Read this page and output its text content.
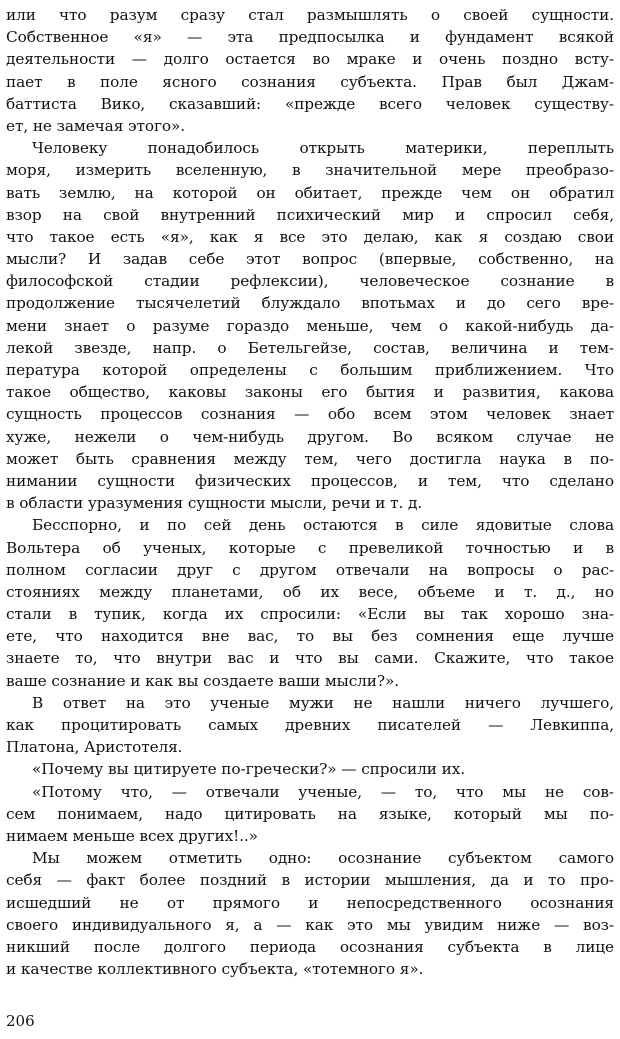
или что разум сразу стал размышлять о своей сущности.
Собственное «я» — эта предпосылка и фундамент всякой
деятельности — долго остается во мраке и очень поздно всту-
пает в поле ясного сознания субъекта. Прав был Джам-
баттиста Вико, сказавший: «прежде всего человек существу-
ет, не замечая этого».
Человеку понадобилось открыть материки, переплыть
моря, измерить вселенную, в значительной мере преобразо-
вать землю, на которой он обитает, прежде чем он обратил
взор на свой внутренний психический мир и спросил себя,
что такое есть «я», как я все это делаю, как я создаю свои
мысли? И задав себе этот вопрос (впервые, собственно, на
философской стадии рефлексии), человеческое сознание в
продолжение тысячелетий блуждало впотьмах и до сего вре-
мени знает о разуме гораздо меньше, чем о какой-нибудь да-
лекой звезде, напр. о Бетельгейзе, состав, величина и тем-
пература которой определены с большим приближением. Что
такое общество, каковы законы его бытия и развития, какова
сущность процессов сознания — обо всем этом человек знает
хуже, нежели о чем-нибудь другом. Во всяком случае не
может быть сравнения между тем, чего достигла наука в по-
нимании сущности физических процессов, и тем, что сделано
в области уразумения сущности мысли, речи и т. д.
Бесспорно, и по сей день остаются в силе ядовитые слова
Вольтера об ученых, которые с превеликой точностью и в
полном согласии друг с другом отвечали на вопросы о рас-
стояниях между планетами, об их весе, объеме и т. д., но
стали в тупик, когда их спросили: «Если вы так хорошо зна-
ете, что находится вне вас, то вы без сомнения еще лучше
знаете то, что внутри вас и что вы сами. Скажите, что такое
ваше сознание и как вы создаете ваши мысли?».
В ответ на это ученые мужи не нашли ничего лучшего,
как процитировать самых древних писателей — Левкиппа,
Платона, Аристотеля.
«Почему вы цитируете по-гречески?» — спросили их.
«Потому что, — отвечали ученые, — то, что мы не сов-
сем понимаем, надо цитировать на языке, который мы по-
нимаем меньше всех других!..»
Мы можем отметить одно: осознание субъектом самого
себя — факт более поздний в истории мышления, да и то про-
исшедший не от прямого и непосредственного осознания
своего индивидуального я, а — как это мы увидим ниже — воз-
никший после долгого периода осознания субъекта в лице
и качестве коллективного субъекта, «тотемного я».
206
